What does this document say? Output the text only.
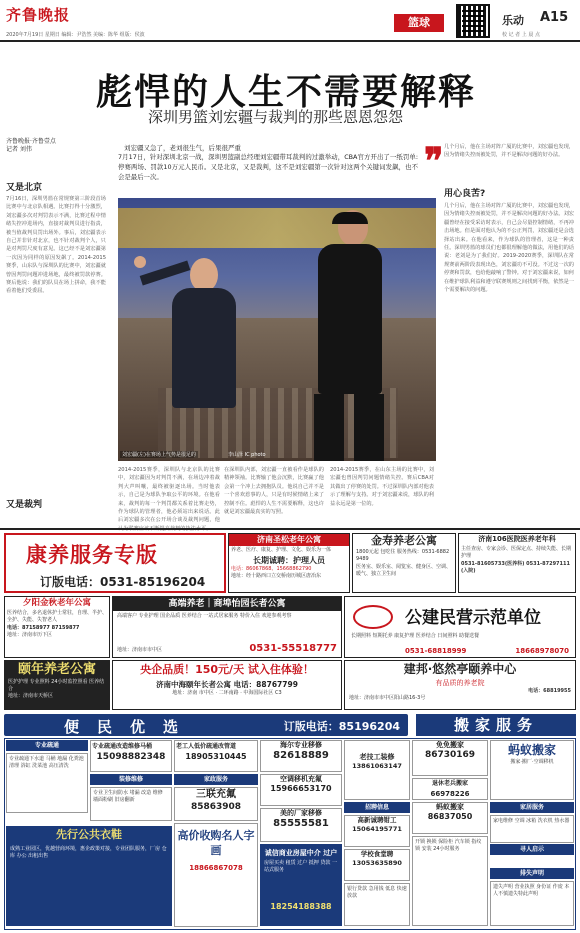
齐鲁晚报
2020年7月19日 星期日 编辑：尹浩然 美编：陈华 组版：侯波
篮球	乐动 A15
校 记 者 上 晨 点
彪悍的人生不需要解释
深圳男篮刘宏疆与裁判的那些恩恩怨怨
齐鲁晚报·齐鲁壹点
记者 刘伟
又是北京
7月16日，深圳男篮在常规赛第三阶段首场比赛中与北京队相遇。比赛打得十分激烈，刘宏疆多次对判罚表示不满，比赛过程中情绪失控冲进场内，直接对裁判员进行指责，被当值裁判员罚出场外。事后，刘宏疆表示自己并非针对北京，也不针对裁判个人，只是对判罚尺度有意见。这已经不是刘宏疆第一次因为同样的原因发飙了。2014-2015赛季，山东队与深圳队的比赛中，刘宏疆就曾因判罚问题冲进场地，最终被罚款停赛。赛后他说：我们的队员在场上拼命，我不能看着他们受委屈。
又是裁判
刘宏疆又急了，老刘很生气，后果很严重
7月17日，针对深圳北京一战，深圳男篮副总经理刘宏疆带耳裁判的过激举动，CBA官方开出了一纸罚单:停赛两场、罚款10万元人民币。又是北京，又是裁判，这不是刘宏疆第一次针对这两个关键词发飙，也不会是最后一次。	❞
刘宏疆(左)在赛场上气势是很足的	李山泽 IC photo
2014-2015赛季，深圳队与北京队的比赛中，刘宏疆因为对判罚不满，在场边冲着裁判大声叫嚷，最终被驱逐出场。当时他表示，自己是为球队争取公平的环境。在他看来，裁判的每一个判罚都关系着比赛走势，作为球队的管理者，他必须站出来说话。此后刘宏疆多次在公开场合谈及裁判问题，他
在深圳队内部，刘宏疆一直被看作是球队的精神领袖。比赛输了他会沉默，比赛赢了他会第一个冲上去拥抱队员。他说自己并不是一个喜欢惹事的人，只是有时候情绪上来了控制不住。彪悍的人生不需要解释，这也许就是刘宏疆最真实的写照。
2014-2015赛季，在山东主场的比赛中，刘宏疆也曾因判罚问题情绪失控。赛后CBA对其做出了停赛的处罚。不过深圳队内部对他表示了理解与支持。对于刘宏疆来说，球队的利益永远是第一位的。
几个月后，他在主场对阵广厦的比赛中，刘宏疆也发现，因为情绪失控而被处罚，并不是解决问题的好办法。
用心良苦?
几个月后，他在主场对阵广厦的比赛中，刘宏疆也发现，因为情绪失控而被处罚，并不是解决问题的好办法。刘宏疆曾经在接受采访时表示，自己会尽量控制情绪，不再冲击场地。但是面对他认为的不公正判罚，刘宏疆还是会选择站出来。在他看来，作为球队的管理者，这是一种责任。深圳男篮的球员们也都很理解他的做法，用他们的话说：老刘是为了我们好。2019-2020赛季，深圳队在常规赛前两阶段表现出色，刘宏疆功不可没。不过这一次的停赛和罚款，也给他敲响了警钟。对于刘宏疆来说，如何在维护球队利益和遵守联赛规则之间找到平衡，依然是一个需要解决的问题。
康养服务专版
订版电话：0531-85196204
济南圣松老年公寓
养老、医疗、康复、护理、文化、娱乐为一体
长期诚聘：护理人员
电话：86067868、15668862790
地址：经十路西口立交桥南历城区唐冶东
金寿养老公寓
1800元起 包吃住 服务热线：0531-68829489
医务室、娱乐室、阅览室、健身区、空调、暖气、独立卫生间
济南106医院医养老年科
主任查房、专家会诊、医保定点、持续失能、长期护理
0531-81605733(医养科) 0531-87297111(入院)
夕阳金秋老年公寓
医养结合，多名退休护士常驻，自理、半护、全护、失能、失智老人
电话：87158977 87159877
地址：济南市历下区
高端养老｜商埠怡园长者公寓
高端客户 专业护理 国企品质 医养结合 一站式居家服务 特价入住 欢迎参观考察
0531-55518777
地址：济南市市中区
公建民营示范单位
长期照料 短期托养 康复护理 医养结合 日间照料 助餐送餐
0531-68818999	18668978070
颐年养老公寓
医护护理 专业照料 24小时监控照看 医养结合
地址：济南市天桥区
央企品质！150元/天 试入住体验！
济南中海颐年长者公寓 电话：88767799
地址：济南 市中区 · 二环南路 · 中海国际社区 C3
建邦·悠然亭颐养中心
有品质的养老院
电话：68819955
地址：济南市市中区阳山路16-3号
便民优选	订版电话：85196204	搬家服务
专业疏通	专业疏通改造维修马桶
15098882348
老工人低价疏通改管道
18905310445
海尔专业移修
82618889	老技工装修
13861063147
免免搬家
86730169	蚂蚁搬家
搬家·搬厂·空调移机
家政服务
三联充氟
85863908
空调移机充氟
15966653170
美的厂家移修
85555581
招聘信息
退休老兵搬家
66978226
蚂蚁搬家
86837050
家居服务
高新诚聘钳工
15064195771
学校食堂聘
13053635890
专业疏通下水道 马桶 地漏 化粪池清理 浴缸 洗菜池 高压清洗
装修维修
专业卫生间防水 堵漏 改造 维修 墙面粉刷 旧房翻新
先行公共衣鞋
成熟工业园区，优越营商环境，惠企政策对接，专业团队服务，厂房 仓库 办公 出租出售
高价收购名人字画
18866867078
诚信商业房屋中介 过户
房屋买卖 租赁 过户 抵押 贷款 一站式服务
18254188388
寻人启示
开锁 换锁 保险柜 汽车锁 指纹锁 安装 24小时服务
家电维修 空调 冰箱 洗衣机 热水器
排失声明
遗失声明 营业执照 身份证 作废 本人不慎遗失特此声明
银行贷款 急用钱 低息 快速放款
